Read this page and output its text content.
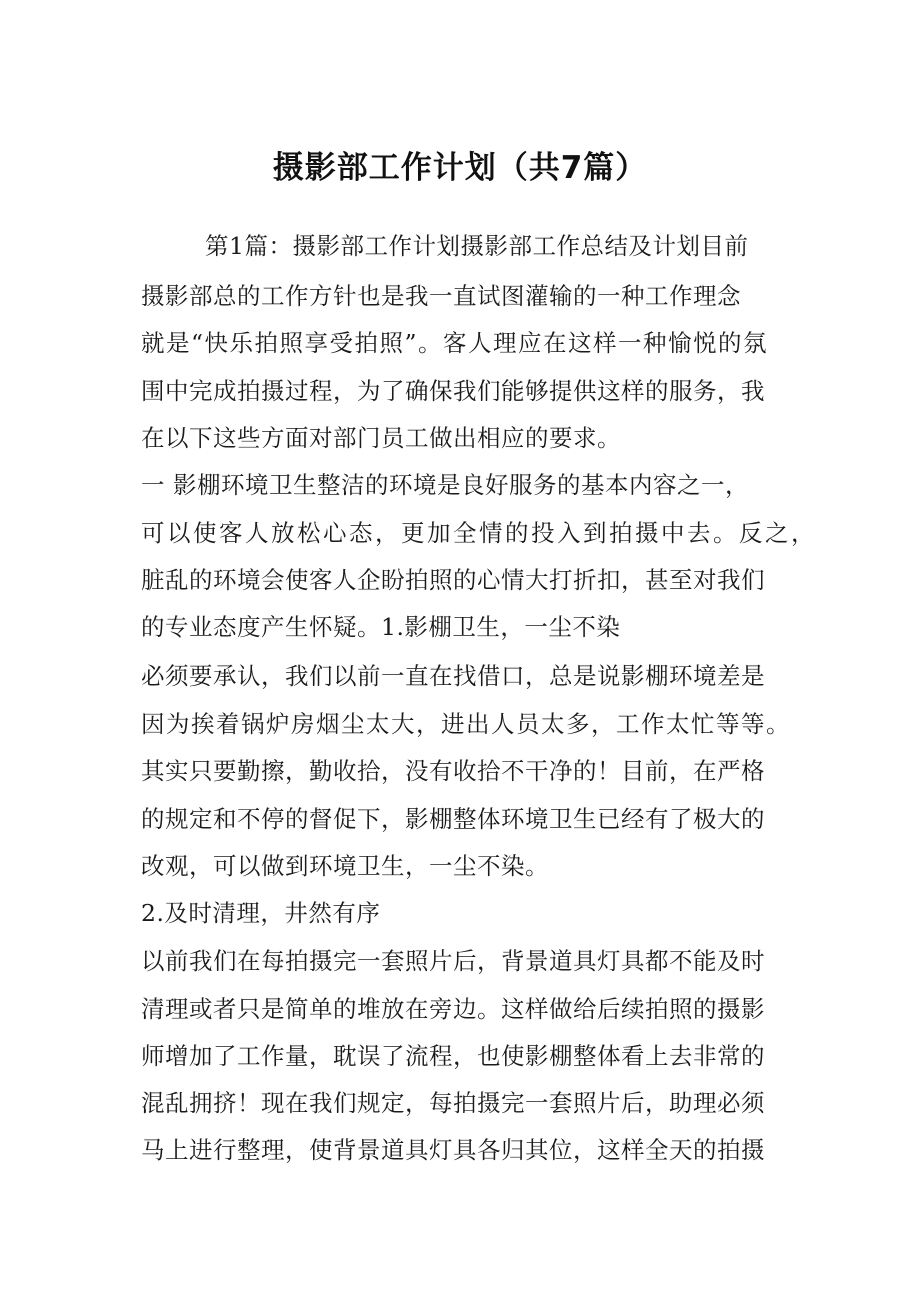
摄影部工作计划（共7篇）
第1篇：摄影部工作计划摄影部工作总结及计划目前
摄影部总的工作方针也是我一直试图灌输的一种工作理念
就是“快乐拍照享受拍照”。客人理应在这样一种愉悦的氛
围中完成拍摄过程，为了确保我们能够提供这样的服务，我
在以下这些方面对部门员工做出相应的要求。
一 影棚环境卫生整洁的环境是良好服务的基本内容之一，
可以使客人放松心态，更加全情的投入到拍摄中去。反之，
脏乱的环境会使客人企盼拍照的心情大打折扣，甚至对我们
的专业态度产生怀疑。1.影棚卫生，一尘不染
必须要承认，我们以前一直在找借口，总是说影棚环境差是
因为挨着锅炉房烟尘太大，进出人员太多，工作太忙等等。
其实只要勤擦，勤收拾，没有收拾不干净的！目前，在严格
的规定和不停的督促下，影棚整体环境卫生已经有了极大的
改观，可以做到环境卫生，一尘不染。
2.及时清理，井然有序
以前我们在每拍摄完一套照片后，背景道具灯具都不能及时
清理或者只是简单的堆放在旁边。这样做给后续拍照的摄影
师增加了工作量，耽误了流程，也使影棚整体看上去非常的
混乱拥挤！现在我们规定，每拍摄完一套照片后，助理必须
马上进行整理，使背景道具灯具各归其位，这样全天的拍摄
